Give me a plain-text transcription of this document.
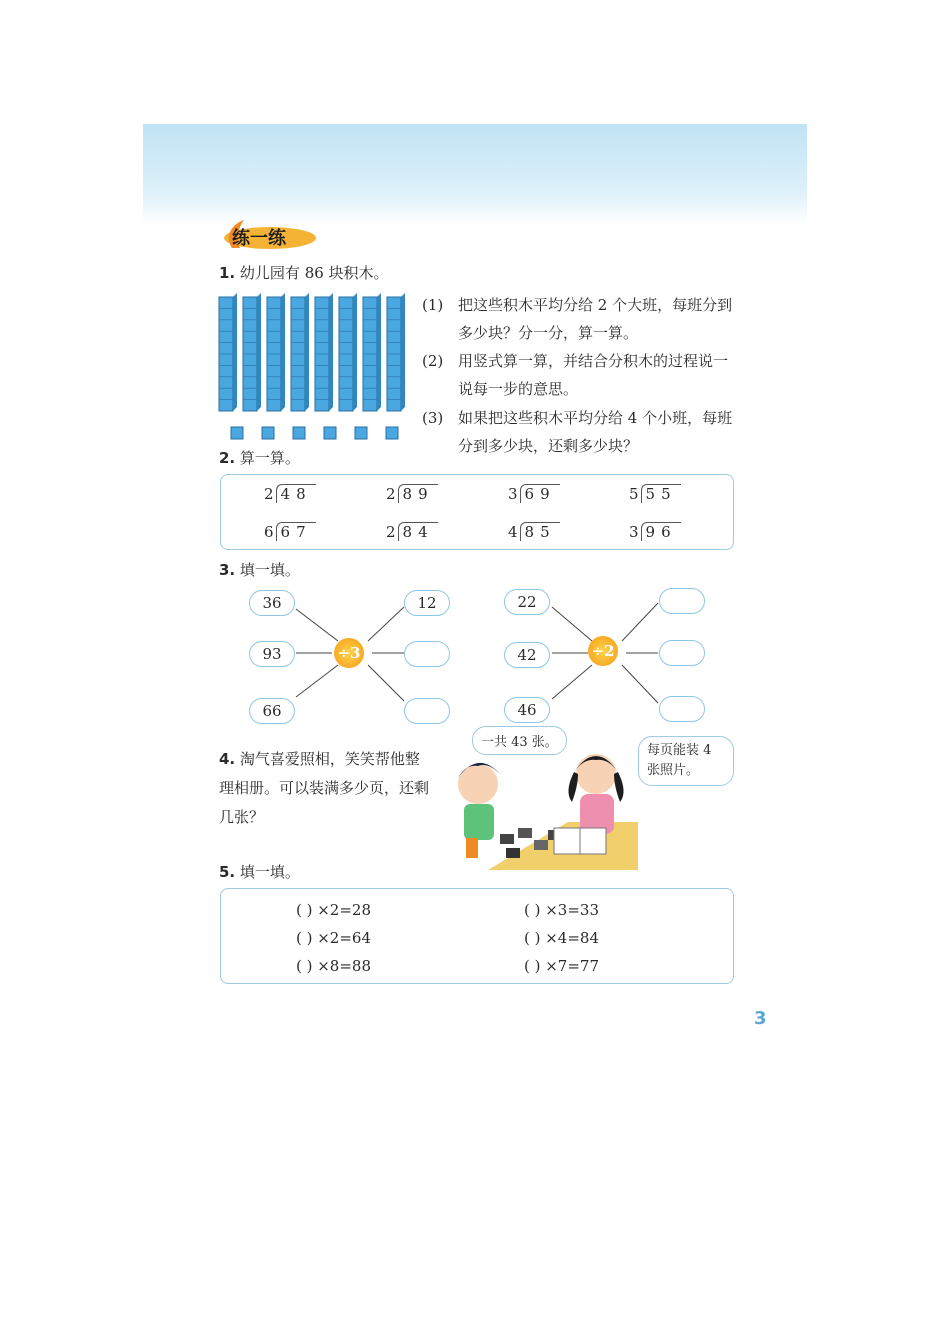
练一练
1. 幼儿园有 86 块积木。
(1) 把这些积木平均分给 2 个大班，每班分到多少块？分一分，算一算。
(2) 用竖式算一算，并结合分积木的过程说一说每一步的意思。
(3) 如果把这些积木平均分给 4 个小班，每班分到多少块，还剩多少块？
2. 算一算。
2 48	2 89	3 69	5 55
6 67	2 84	4 85	3 96
3. 填一填。
36
93
66
÷3
12	22
42
46
÷2
4. 淘气喜爱照相，笑笑帮他整理相册。可以装满多少页，还剩几张？
一共 43 张。
每页能装 4 张照片。
5. 填一填。
( ) ×2=28	( ) ×3=33
( ) ×2=64	( ) ×4=84
( ) ×8=88	( ) ×7=77
3
